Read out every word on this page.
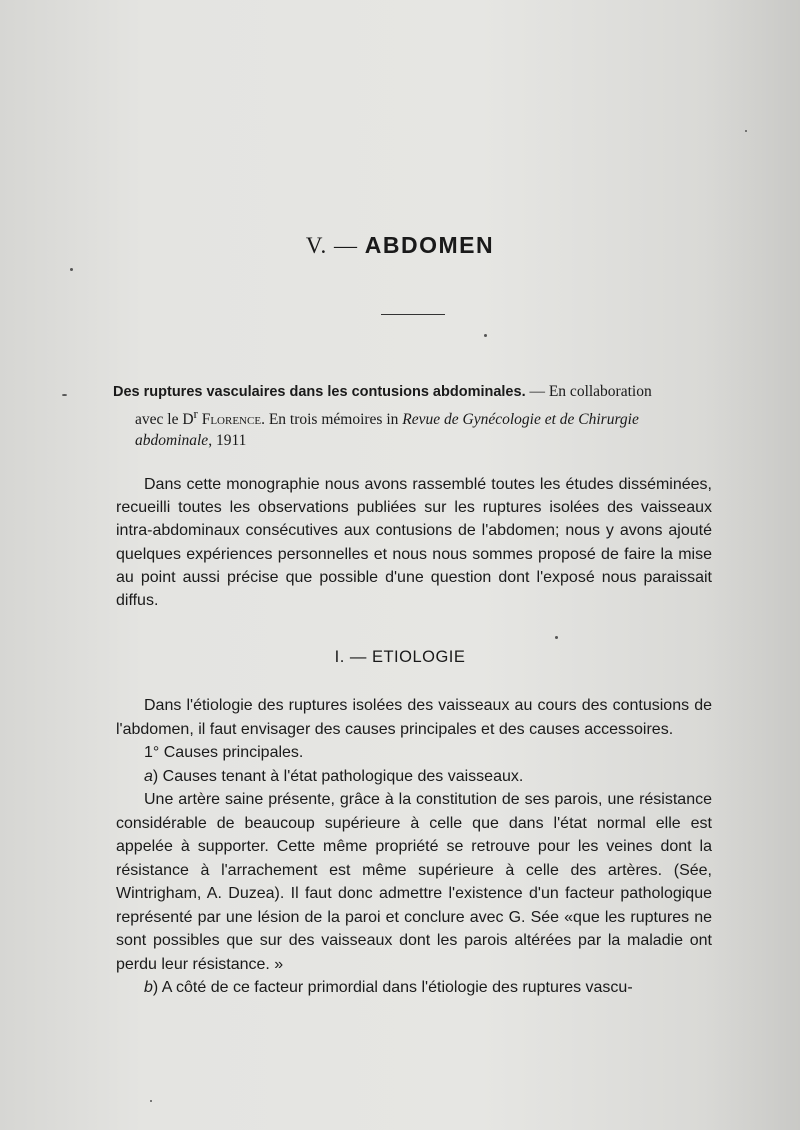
V. — ABDOMEN
Des ruptures vasculaires dans les contusions abdominales. — En collaboration
avec le $D^r$ Florence. En trois mémoires in Revue de Gynécologie et de Chirurgie abdominale, 1911

Dans cette monographie nous avons rassemblé toutes les études disséminées, recueilli toutes les observations publiées sur les ruptures isolées des vaisseaux intra-abdominaux consécutives aux contusions de l'abdomen; nous y avons ajouté quelques expériences personnelles et nous nous sommes proposé de faire la mise au point aussi précise que possible d'une question dont l'exposé nous paraissait diffus.

I. — ETIOLOGIE

Dans l'étiologie des ruptures isolées des vaisseaux au cours des contusions de l'abdomen, il faut envisager des causes principales et des causes accessoires.

1° Causes principales.

a) Causes tenant à l'état pathologique des vaisseaux.

Une artère saine présente, grâce à la constitution de ses parois, une résistance considérable de beaucoup supérieure à celle que dans l'état normal elle est appelée à supporter. Cette même propriété se retrouve pour les veines dont la résistance à l'arrachement est même supérieure à celle des artères. (Sée, Wintrigham, A. Duzea). Il faut donc admettre l'existence d'un facteur pathologique représenté par une lésion de la paroi et conclure avec G. Sée «que les ruptures ne sont possibles que sur des vaisseaux dont les parois altérées par la maladie ont perdu leur résistance. »

b) A côté de ce facteur primordial dans l'étiologie des ruptures vascu-
